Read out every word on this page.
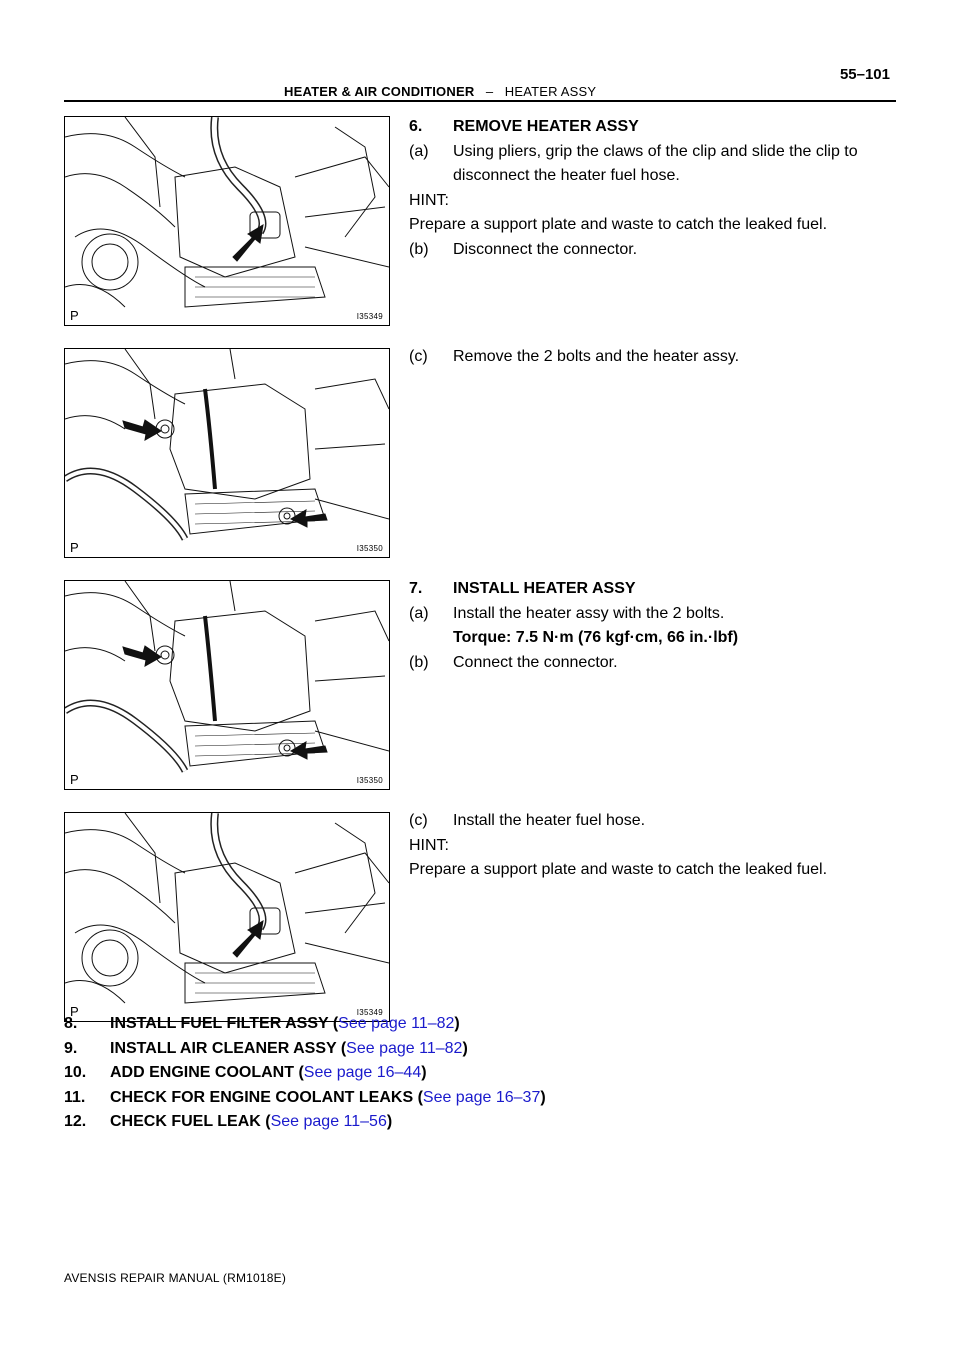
HEATER & AIR CONDITIONER – HEATER ASSY
55–101
P	I35349
P	I35350
P	I35350
P	I35349
6. REMOVE HEATER ASSY
(a) Using pliers, grip the claws of the clip and slide the clip to
disconnect the heater fuel hose.
HINT:
Prepare a support plate and waste to catch the leaked fuel.
(b) Disconnect the connector.
(c) Remove the 2 bolts and the heater assy.
7. INSTALL HEATER ASSY
(a) Install the heater assy with the 2 bolts.
Torque: 7.5 N·m (76 kgf·cm, 66 in.·lbf)
(b) Connect the connector.
(c) Install the heater fuel hose.
HINT:
Prepare a support plate and waste to catch the leaked fuel.
8. INSTALL FUEL FILTER ASSY (See page 11–82)
9. INSTALL AIR CLEANER ASSY (See page 11–82)
10. ADD ENGINE COOLANT (See page 16–44)
11. CHECK FOR ENGINE COOLANT LEAKS (See page 16–37)
12. CHECK FUEL LEAK (See page 11–56)
AVENSIS REPAIR MANUAL (RM1018E)
